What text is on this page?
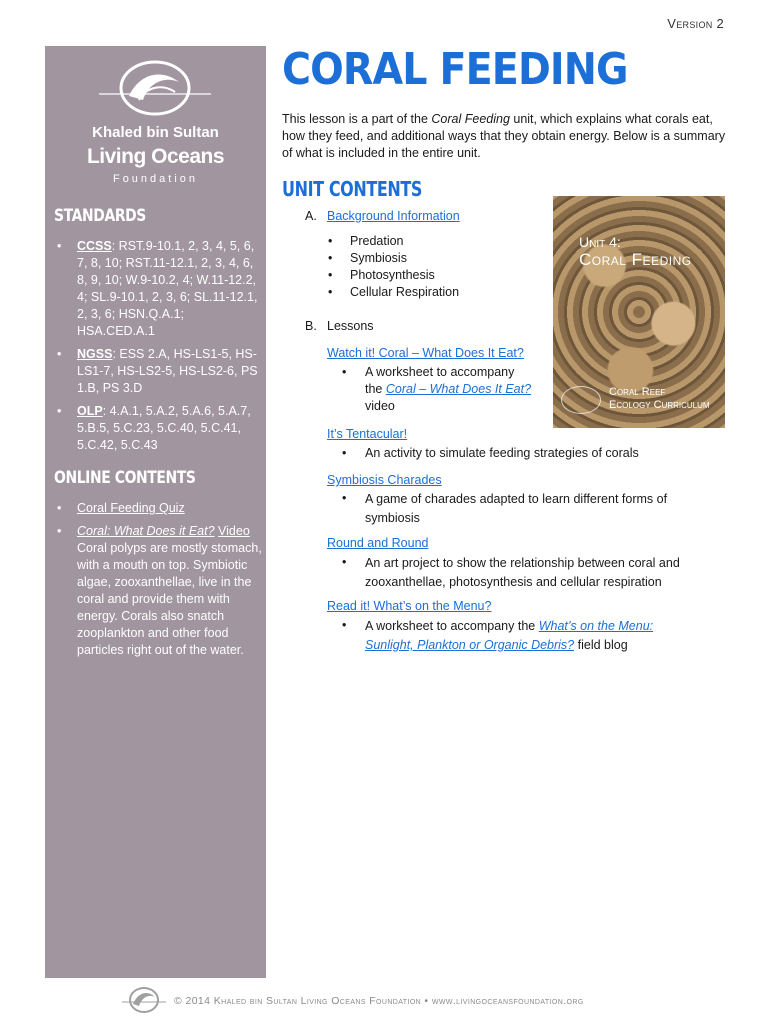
Version 2
Khaled bin Sultan
Living Oceans
Foundation
STANDARDS
• CCSS: RST.9-10.1, 2, 3, 4, 5, 6, 7, 8, 10; RST.11-12.1, 2, 3, 4, 6, 8, 9, 10; W.9-10.2, 4; W.11-12.2, 4; SL.9-10.1, 2, 3, 6; SL.11-12.1, 2, 3, 6; HSN.Q.A.1; HSA.CED.A.1
• NGSS: ESS 2.A, HS-LS1-5, HS-LS1-7, HS-LS2-5, HS-LS2-6, PS 1.B, PS 3.D
• OLP: 4.A.1, 5.A.2, 5.A.6, 5.A.7, 5.B.5, 5.C.23, 5.C.40, 5.C.41, 5.C.42, 5.C.43
ONLINE CONTENTS
• Coral Feeding Quiz
• Coral: What Does it Eat? Video Coral polyps are mostly stomach, with a mouth on top. Symbiotic algae, zooxanthellae, live in the coral and provide them with energy. Corals also snatch zooplankton and other food particles right out of the water.
CORAL FEEDING
This lesson is a part of the Coral Feeding unit, which explains what corals eat, how they feed, and additional ways that they obtain energy. Below is a summary of what is included in the entire unit.
UNIT CONTENTS
A. Background Information
• Predation
• Symbiosis
• Photosynthesis
• Cellular Respiration
B. Lessons
Watch it! Coral – What Does It Eat?
• A worksheet to accompany
the Coral – What Does It Eat?
video
It’s Tentacular!
• An activity to simulate feeding strategies of corals
Symbiosis Charades
• A game of charades adapted to learn different forms of symbiosis
Round and Round
• An art project to show the relationship between coral and zooxanthellae, photosynthesis and cellular respiration
Read it! What’s on the Menu?
• A worksheet to accompany the What’s on the Menu: Sunlight, Plankton or Organic Debris? field blog
Unit 4:
Coral Feeding
Coral Reef
Ecology Curriculum
© 2014 Khaled bin Sultan Living Oceans Foundation • www.livingoceansfoundation.org
